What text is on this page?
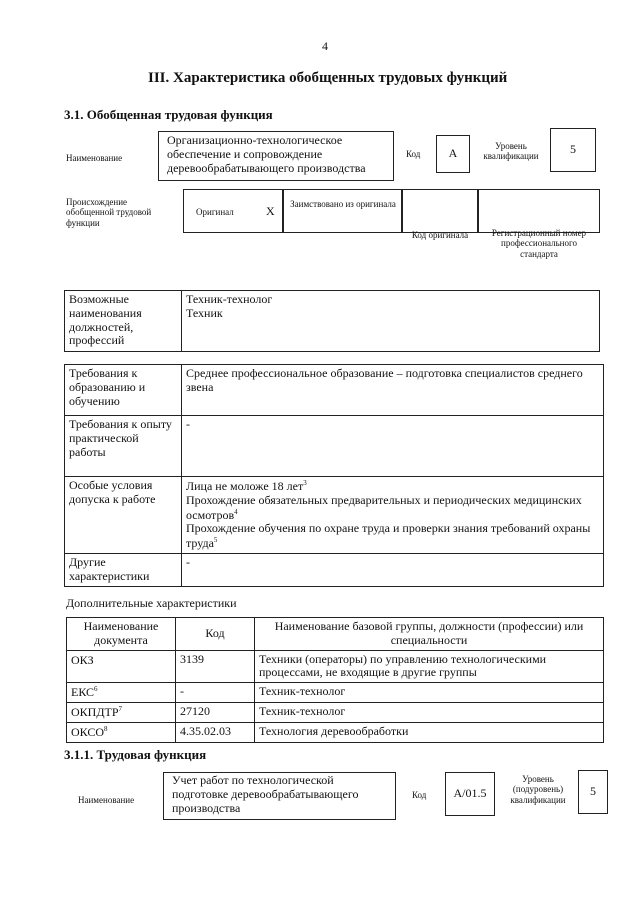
4
III. Характеристика обобщенных трудовых функций
3.1. Обобщенная трудовая функция
Наименование
Организационно-технологическое обеспечение и сопровождение деревообрабатывающего производства
Код	А	Уровень квалификации
5
Происхождение обобщенной трудовой функции
Оригинал	X Заимствовано из оригинала
Код оригинала	Регистрационный номер профессионального стандарта
Возможные наименования должностей, профессий	
Техник-технолог
Техник
Требования к образованию и обучению	Среднее профессиональное образование – подготовка специалистов среднего звена
Требования к опыту практической работы	-
Особые условия допуска к работе	Лица не моложе 18 лет$^3$
Прохождение обязательных предварительных и периодических медицинских осмотров$^4$
Прохождение обучения по охране труда и проверки знания требований охраны труда$^5$

Другие характеристики	-
Дополнительные характеристики
Наименование документа	Код	Наименование базовой группы, должности (профессии) или специальности
ОКЗ	3139	Техники (операторы) по управлению технологическими процессами, не входящие в другие группы
ЕКС$^6$	-	Техник-технолог
ОКПДТР$^7$	27120	Техник-технолог
ОКСО$^8$	4.35.02.03	Технология деревообработки
3.1.1. Трудовая функция
Наименование
Учет работ по технологической подготовке деревообрабатывающего производства
Код	A/01.5
Уровень (подуровень) квалификации
5
